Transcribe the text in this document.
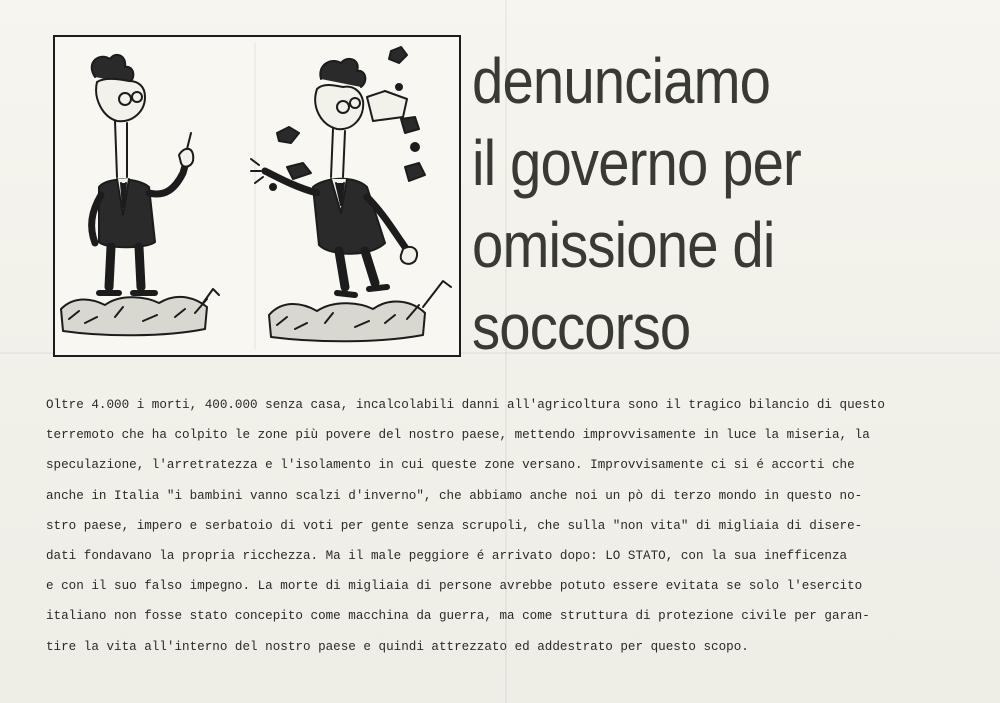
denunciamo
il governo per
omissione di
soccorso
Oltre 4.000 i morti, 400.000 senza casa, incalcolabili danni all'agricoltura sono il tragico bilancio di questo
terremoto che ha colpito le zone più povere del nostro paese, mettendo improvvisamente in luce la miseria, la
speculazione, l'arretratezza e l'isolamento in cui queste zone versano. Improvvisamente ci si é accorti che
anche in Italia "i bambini vanno scalzi d'inverno", che abbiamo anche noi un pò di terzo mondo in questo no-
stro paese, impero e serbatoio di voti per gente senza scrupoli, che sulla "non vita" di migliaia di disere-
dati fondavano la propria ricchezza. Ma il male peggiore é arrivato dopo: LO STATO, con la sua inefficenza
e con il suo falso impegno. La morte di migliaia di persone avrebbe potuto essere evitata se solo l'esercito
italiano non fosse stato concepito come macchina da guerra, ma come struttura di protezione civile per garan-
tire la vita all'interno del nostro paese e quindi attrezzato ed addestrato per questo scopo.
